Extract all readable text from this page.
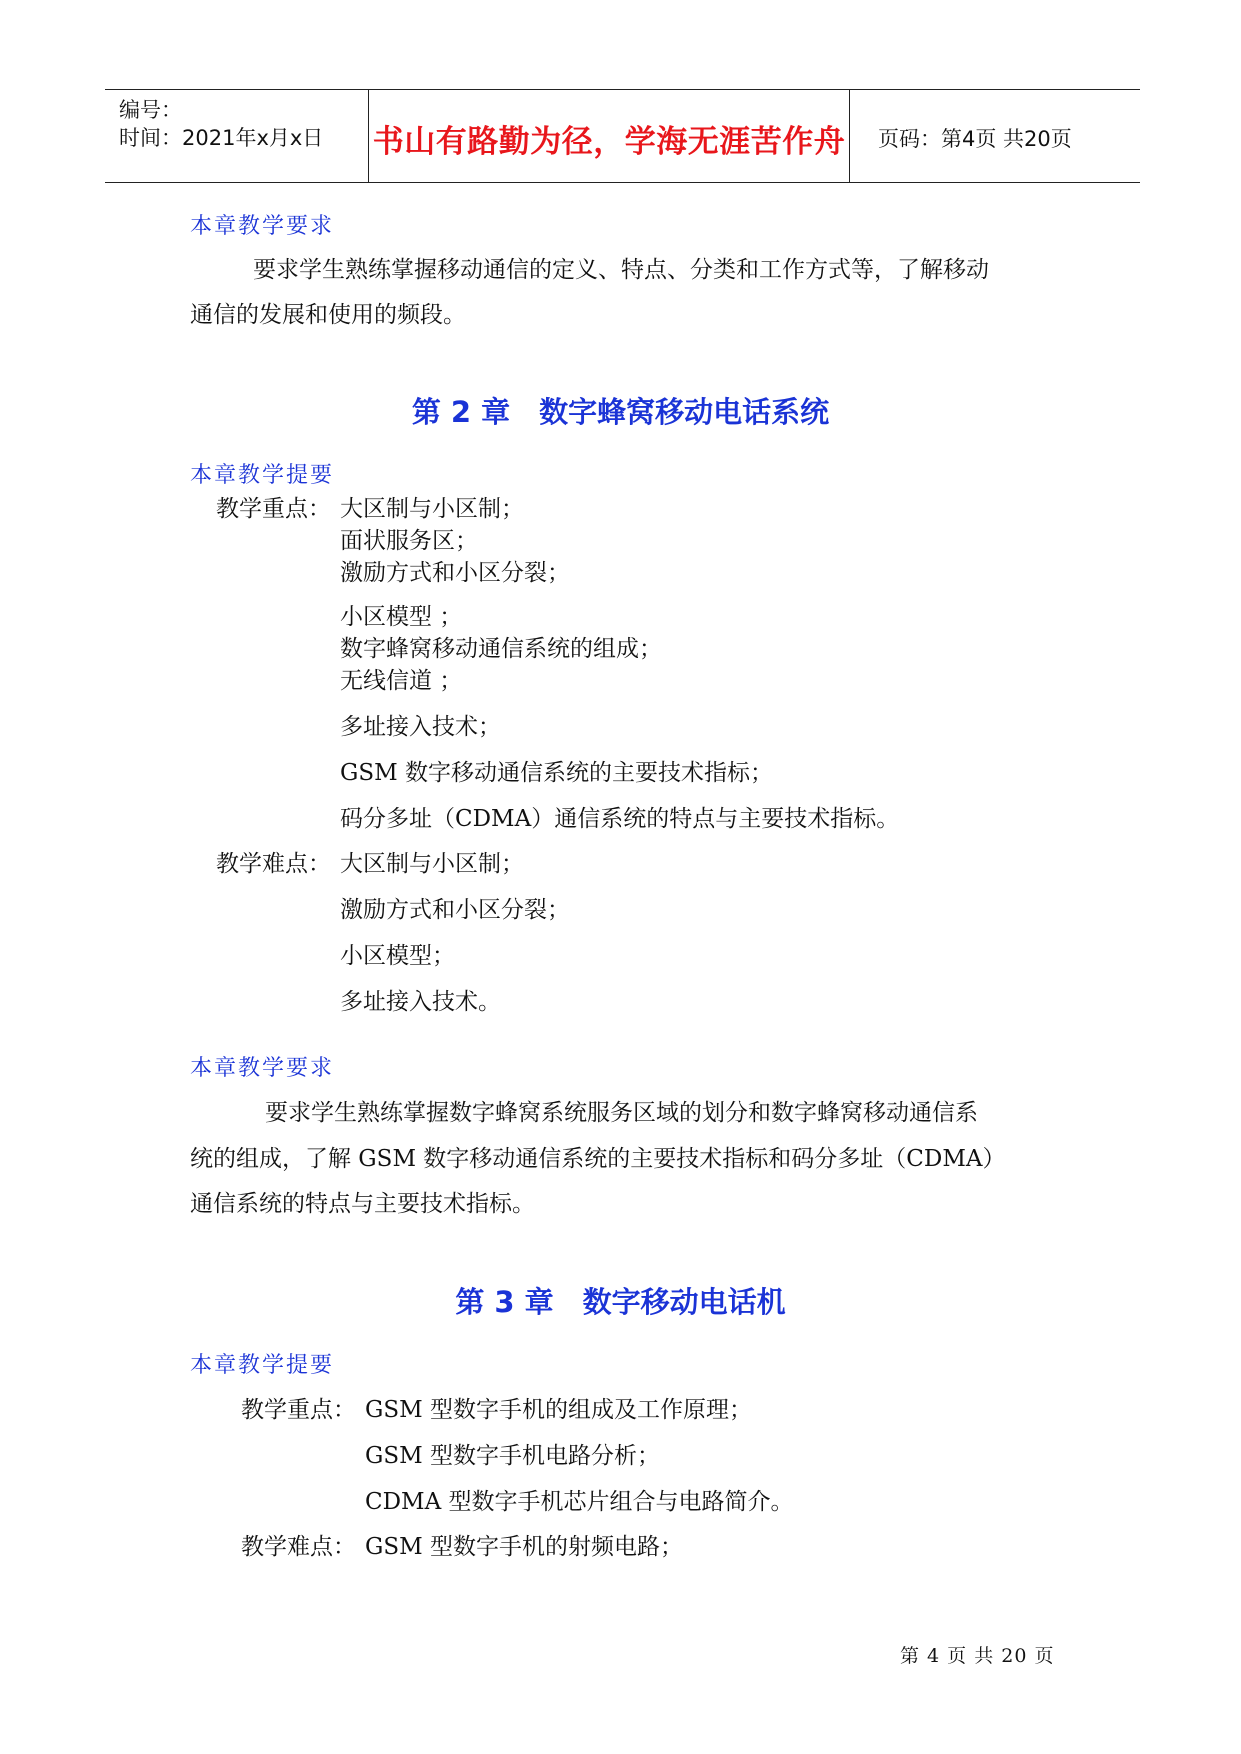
编号：
时间：2021年x月x日 书山有路勤为径，学海无涯苦作舟 页码：第4页 共20页
本章教学要求
要求学生熟练掌握移动通信的定义、特点、分类和工作方式等，了解移动
通信的发展和使用的频段。
第 2 章　数字蜂窝移动电话系统
本章教学提要
教学重点： 大区制与小区制；
面状服务区；
激励方式和小区分裂；
小区模型 ；
数字蜂窝移动通信系统的组成；
无线信道 ；
多址接入技术；
GSM 数字移动通信系统的主要技术指标；
码分多址（CDMA）通信系统的特点与主要技术指标。
教学难点： 大区制与小区制；
激励方式和小区分裂；
小区模型；
多址接入技术。
本章教学要求
要求学生熟练掌握数字蜂窝系统服务区域的划分和数字蜂窝移动通信系
统的组成，了解 GSM 数字移动通信系统的主要技术指标和码分多址（CDMA）
通信系统的特点与主要技术指标。
第 3 章　数字移动电话机
本章教学提要
教学重点： GSM 型数字手机的组成及工作原理；
GSM 型数字手机电路分析；
CDMA 型数字手机芯片组合与电路简介。
教学难点： GSM 型数字手机的射频电路；
第 4 页 共 20 页
